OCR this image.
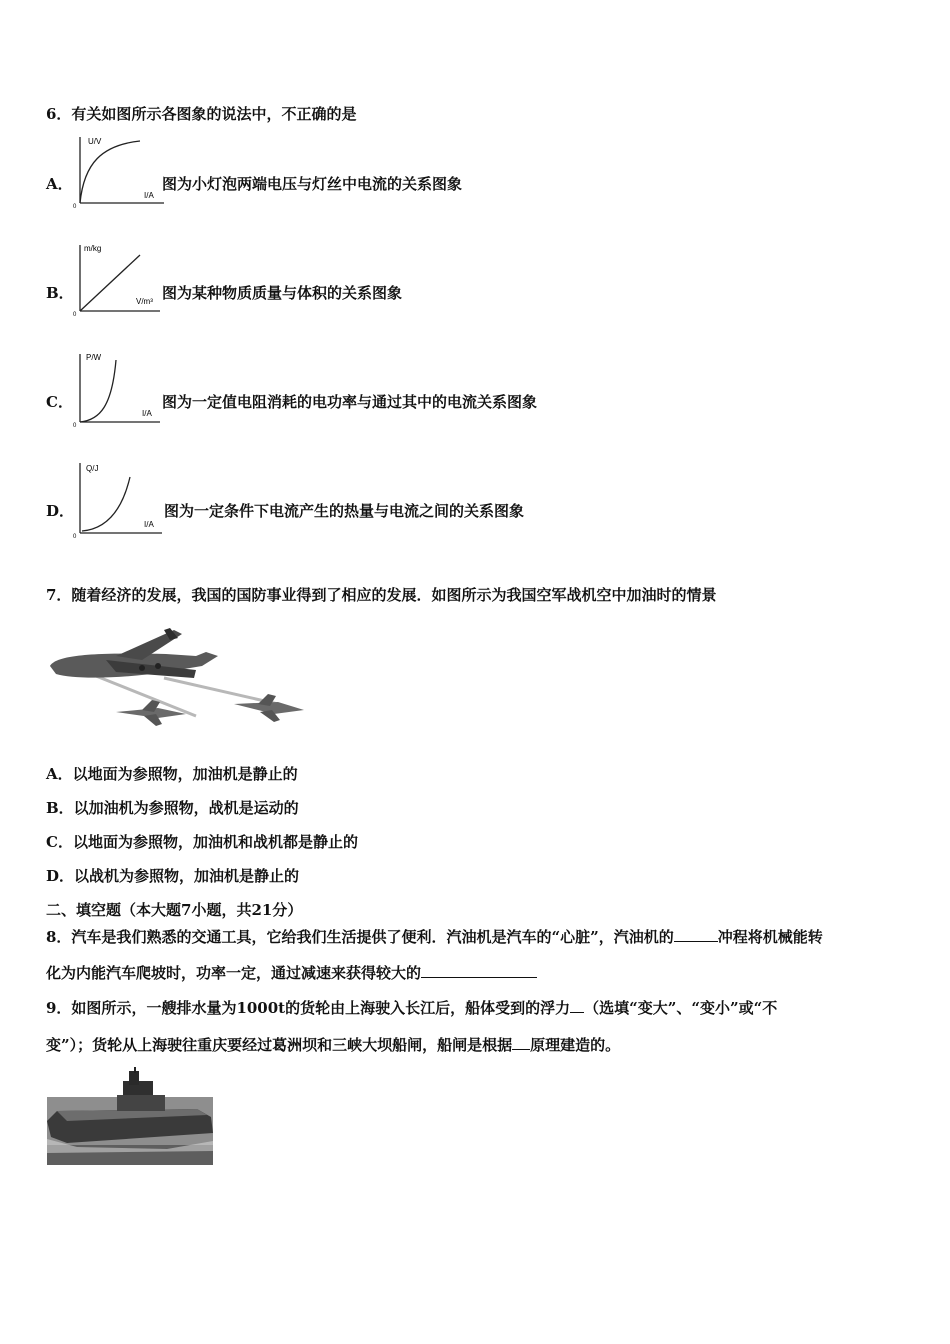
6．有关如图所示各图象的说法中，不正确的是
U/V
I/A
0
A．	图为小灯泡两端电压与灯丝中电流的关系图象
m/kg
V/m³
0
B．	图为某种物质质量与体积的关系图象
P/W
I/A
0
C．	图为一定值电阻消耗的电功率与通过其中的电流关系图象
Q/J
I/A
0
D．	图为一定条件下电流产生的热量与电流之间的关系图象
7．随着经济的发展，我国的国防事业得到了相应的发展．如图所示为我国空军战机空中加油时的情景
A．以地面为参照物，加油机是静止的
B．以加油机为参照物，战机是运动的
C．以地面为参照物，加油机和战机都是静止的
D．以战机为参照物，加油机是静止的
二、填空题（本大题7小题，共21分）
8．汽车是我们熟悉的交通工具，它给我们生活提供了便利．汽油机是汽车的“心脏”，汽油机的	冲程将机械能转
化为内能汽车爬坡时，功率一定，通过减速来获得较大的
9．如图所示，一艘排水量为1000t的货轮由上海驶入长江后，船体受到的浮力 （选填“变大”、“变小”或“不
变”）；货轮从上海驶往重庆要经过葛洲坝和三峡大坝船闸，船闸是根据 原理建造的。
